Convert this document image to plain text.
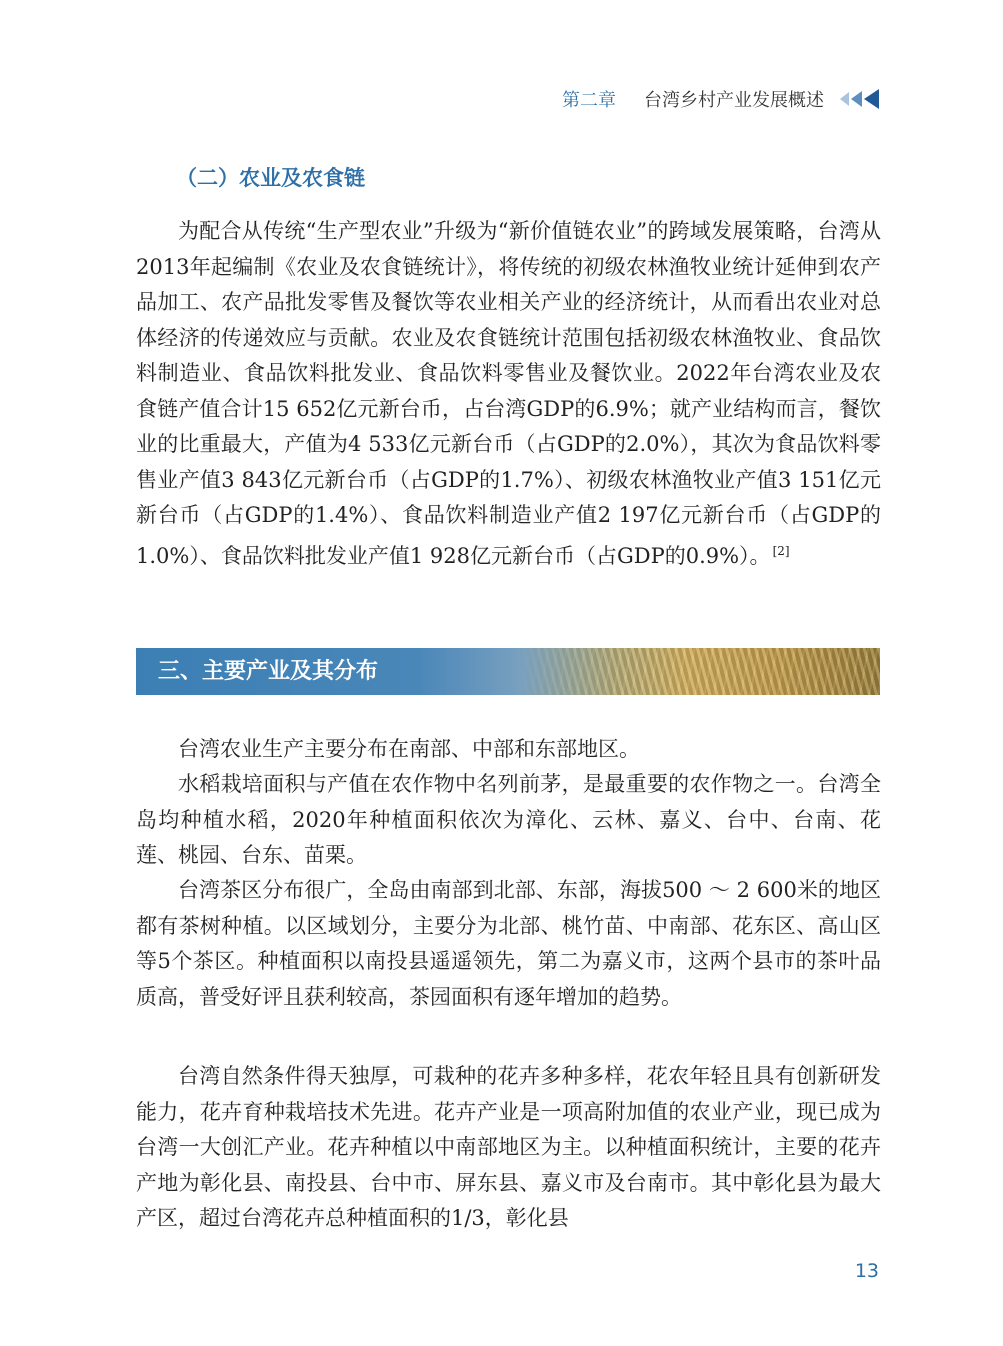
第二章 台湾乡村产业发展概述
（二）农业及农食链

为配合从传统“生产型农业”升级为“新价值链农业”的跨域发展策略，台湾从2013年起编制《农业及农食链统计》，将传统的初级农林渔牧业统计延伸到农产品加工、农产品批发零售及餐饮等农业相关产业的经济统计，从而看出农业对总体经济的传递效应与贡献。农业及农食链统计范围包括初级农林渔牧业、食品饮料制造业、食品饮料批发业、食品饮料零售业及餐饮业。2022年台湾农业及农食链产值合计15 652亿元新台币，占台湾GDP的6.9%；就产业结构而言，餐饮业的比重最大，产值为4 533亿元新台币（占GDP的2.0%），其次为食品饮料零售业产值3 843亿元新台币（占GDP的1.7%）、初级农林渔牧业产值3 151亿元新台币（占GDP的1.4%）、食品饮料制造业产值2 197亿元新台币（占GDP的1.0%）、食品饮料批发业产值1 928亿元新台币（占GDP的0.9%）。 [2]

三、主要产业及其分布

台湾农业生产主要分布在南部、中部和东部地区。

水稻栽培面积与产值在农作物中名列前茅，是最重要的农作物之一。台湾全岛均种植水稻，2020年种植面积依次为漳化、云林、嘉义、台中、台南、花莲、桃园、台东、苗栗。

台湾茶区分布很广，全岛由南部到北部、东部，海拔500 ～ 2 600米的地区都有茶树种植。以区域划分，主要分为北部、桃竹苗、中南部、花东区、高山区等5个茶区。种植面积以南投县遥遥领先，第二为嘉义市，这两个县市的茶叶品质高，普受好评且获利较高，茶园面积有逐年增加的趋势。

台湾自然条件得天独厚，可栽种的花卉多种多样，花农年轻且具有创新研发能力，花卉育种栽培技术先进。花卉产业是一项高附加值的农业产业，现已成为台湾一大创汇产业。花卉种植以中南部地区为主。以种植面积统计，主要的花卉产地为彰化县、南投县、台中市、屏东县、嘉义市及台南市。其中彰化县为最大产区，超过台湾花卉总种植面积的1/3，彰化县

13
